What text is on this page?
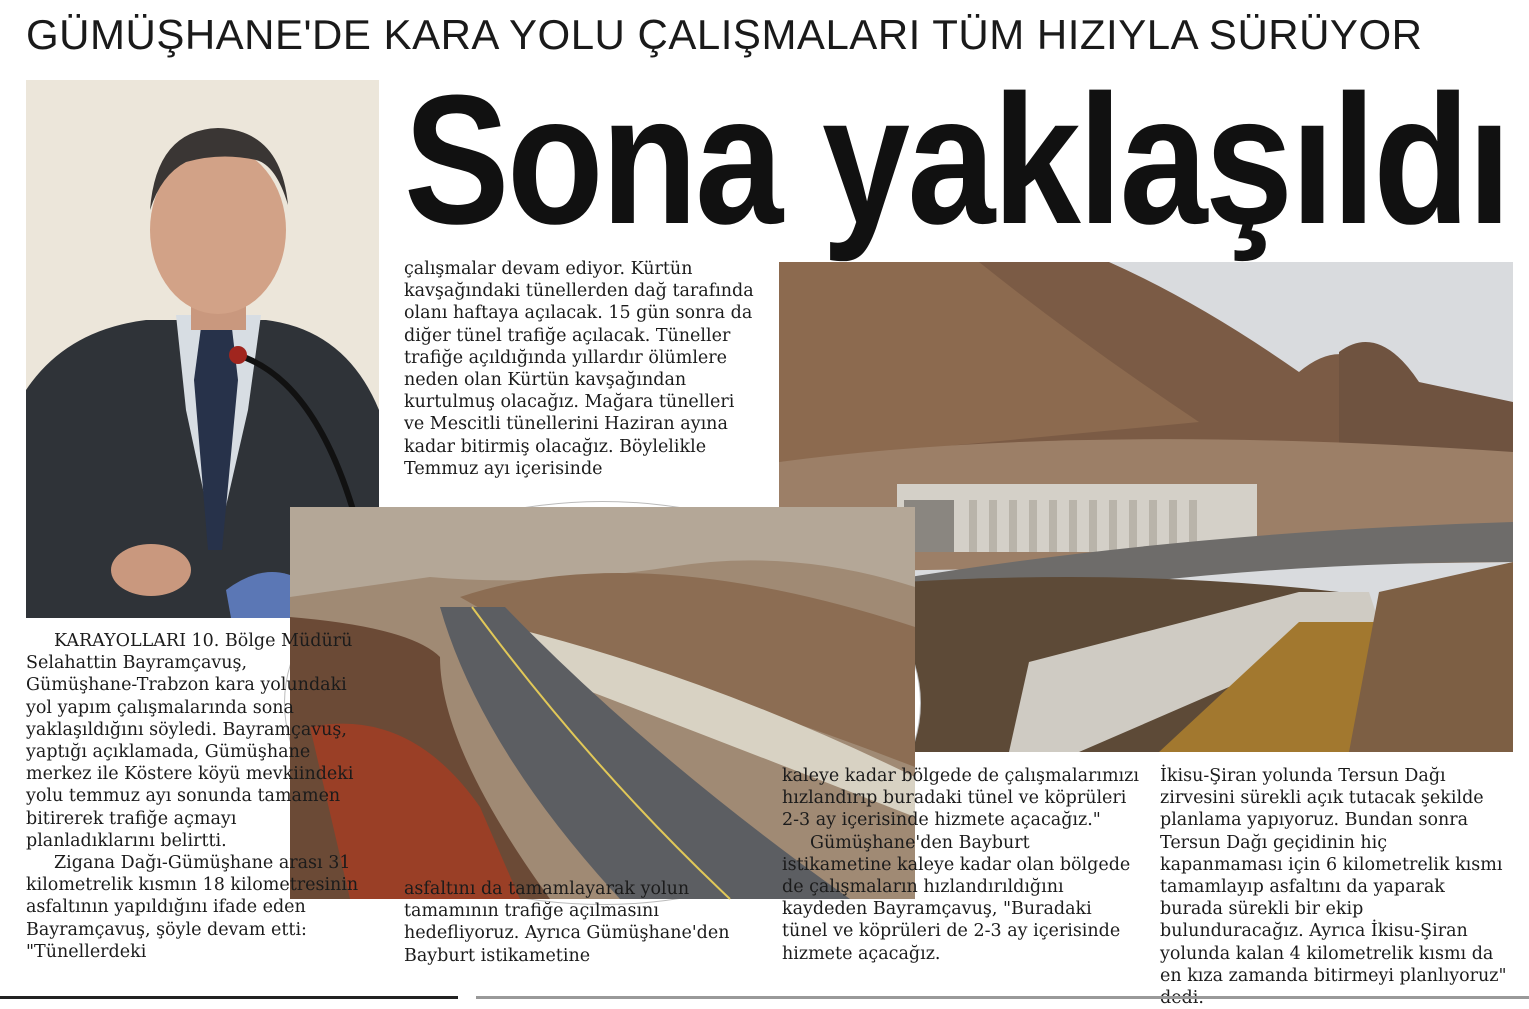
GÜMÜŞHANE'DE KARA YOLU ÇALIŞMALARI TÜM HIZIYLA SÜRÜYOR
Sona yaklaşıldı

KARAYOLLARI 10. Bölge Müdürü Selahattin Bayramçavuş, Gümüşhane-Trabzon kara yolundaki yol yapım çalışmalarında sona yaklaşıldığını söyledi. Bayramçavuş, yaptığı açıklamada, Gümüşhane merkez ile Köstere köyü mevkiindeki yolu temmuz ayı sonunda tamamen bitirerek trafiğe açmayı planladıklarını belirtti.

Zigana Dağı-Gümüşhane arası 31 kilometrelik kısmın 18 kilometresinin asfaltının yapıldığını ifade eden Bayramçavuş, şöyle devam etti: "Tünellerdeki

çalışmalar devam ediyor. Kürtün kavşağındaki tünellerden dağ tarafında olanı haftaya açılacak. 15 gün sonra da diğer tünel trafiğe açılacak. Tüneller trafiğe açıldığında yıllardır ölümlere neden olan Kürtün kavşağından kurtulmuş olacağız. Mağara tünelleri ve Mescitli tünellerini Haziran ayına kadar bitirmiş olacağız. Böylelikle Temmuz ayı içerisinde

asfaltını da tamamlayarak yolun tamamının trafiğe açılmasını hedefliyoruz. Ayrıca Gümüşhane'den Bayburt istikametine

kaleye kadar bölgede de çalışmalarımızı hızlandırıp buradaki tünel ve köprüleri 2-3 ay içerisinde hizmete açacağız."

Gümüşhane'den Bayburt istikametine kaleye kadar olan bölgede de çalışmaların hızlandırıldığını kaydeden Bayramçavuş, "Buradaki tünel ve köprüleri de 2-3 ay içerisinde hizmete açacağız.

İkisu-Şiran yolunda Tersun Dağı zirvesini sürekli açık tutacak şekilde planlama yapıyoruz. Bundan sonra Tersun Dağı geçidinin hiç kapanmaması için 6 kilometrelik kısmı tamamlayıp asfaltını da yaparak burada sürekli bir ekip bulunduracağız. Ayrıca İkisu-Şiran yolunda kalan 4 kilometrelik kısmı da en kıza zamanda bitirmeyi planlıyoruz"
